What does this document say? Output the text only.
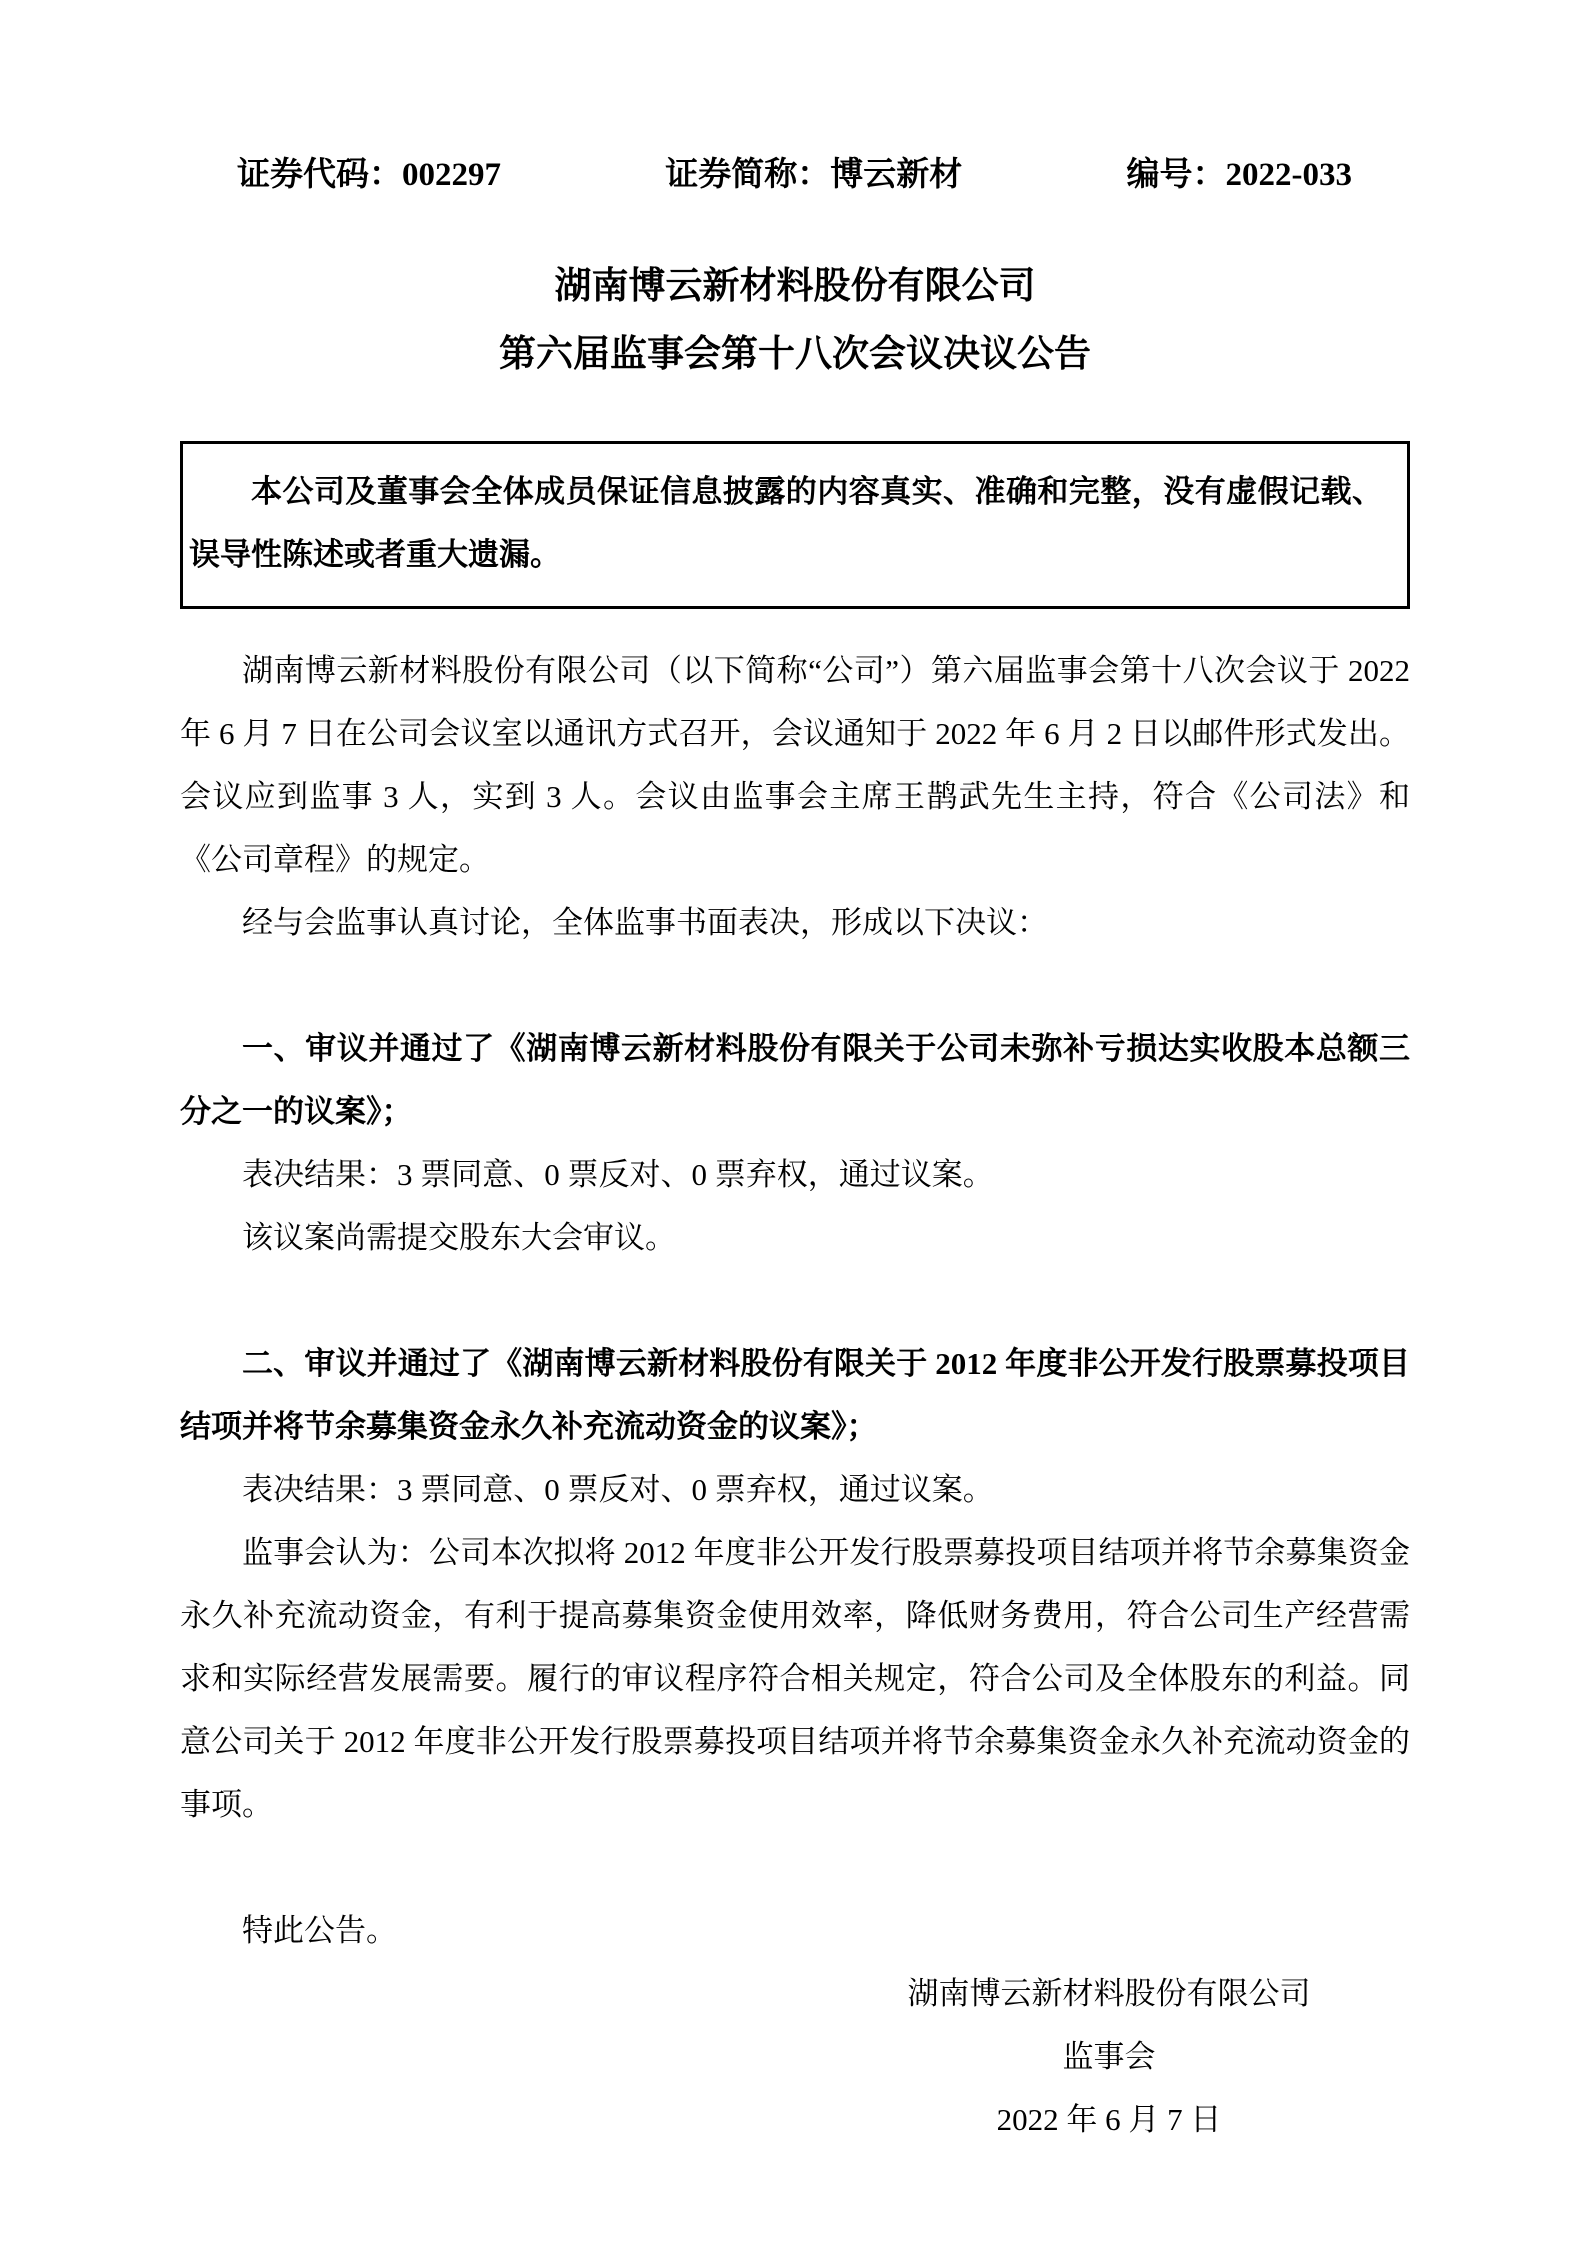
证券代码：002297	证券简称：博云新材	编号：2022-033
湖南博云新材料股份有限公司
第六届监事会第十八次会议决议公告
本公司及董事会全体成员保证信息披露的内容真实、准确和完整，没有虚假记载、误导性陈述或者重大遗漏。

湖南博云新材料股份有限公司（以下简称“公司”）第六届监事会第十八次会议于 2022 年 6 月 7 日在公司会议室以通讯方式召开，会议通知于 2022 年 6 月 2 日以邮件形式发出。会议应到监事 3 人，实到 3 人。会议由监事会主席王鹊武先生主持，符合《公司法》和《公司章程》的规定。

经与会监事认真讨论，全体监事书面表决，形成以下决议：

一、审议并通过了《湖南博云新材料股份有限关于公司未弥补亏损达实收股本总额三分之一的议案》；

表决结果：3 票同意、0 票反对、0 票弃权，通过议案。

该议案尚需提交股东大会审议。

二、审议并通过了《湖南博云新材料股份有限关于 2012 年度非公开发行股票募投项目结项并将节余募集资金永久补充流动资金的议案》；

表决结果：3 票同意、0 票反对、0 票弃权，通过议案。

监事会认为：公司本次拟将 2012 年度非公开发行股票募投项目结项并将节余募集资金永久补充流动资金，有利于提高募集资金使用效率，降低财务费用，符合公司生产经营需求和实际经营发展需要。履行的审议程序符合相关规定，符合公司及全体股东的利益。同意公司关于 2012 年度非公开发行股票募投项目结项并将节余募集资金永久补充流动资金的事项。

特此公告。

湖南博云新材料股份有限公司
监事会
2022 年 6 月 7 日
